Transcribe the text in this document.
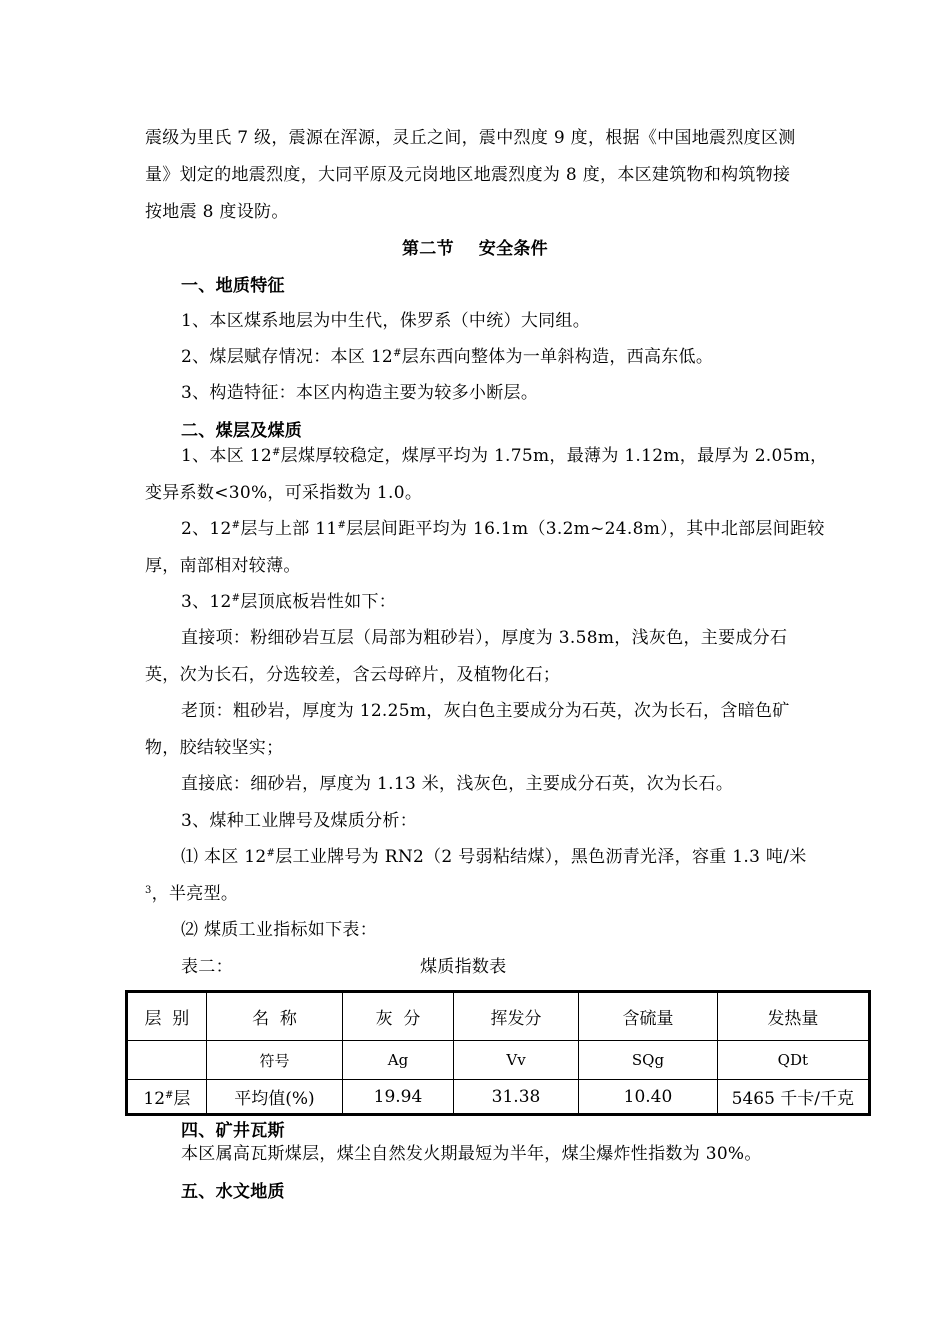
震级为里氏 7 级，震源在浑源，灵丘之间，震中烈度 9 度，根据《中国地震烈度区测
量》划定的地震烈度，大同平原及元岗地区地震烈度为 8 度，本区建筑物和构筑物接
按地震 8 度设防。
第二节    安全条件
一、地质特征
1、本区煤系地层为中生代，侏罗系（中统）大同组。
2、煤层赋存情况：本区 12#层东西向整体为一单斜构造，西高东低。
3、构造特征：本区内构造主要为较多小断层。
二、煤层及煤质
1、本区 12#层煤厚较稳定，煤厚平均为 1.75m，最薄为 1.12m，最厚为 2.05m，
变异系数<30%，可采指数为 1.0。
2、12#层与上部 11#层层间距平均为 16.1m（3.2m~24.8m），其中北部层间距较
厚，南部相对较薄。
3、12#层顶底板岩性如下：
直接项：粉细砂岩互层（局部为粗砂岩），厚度为 3.58m，浅灰色，主要成分石
英，次为长石，分选较差，含云母碎片，及植物化石；
老顶：粗砂岩，厚度为 12.25m，灰白色主要成分为石英，次为长石，含暗色矿
物，胶结较坚实；
直接底：细砂岩，厚度为 1.13 米，浅灰色，主要成分石英，次为长石。
3、煤种工业牌号及煤质分析：
⑴ 本区 12#层工业牌号为 RN2（2 号弱粘结煤），黑色沥青光泽，容重 1.3 吨/米
$^3$，半亮型。
⑵ 煤质工业指标如下表：
表二：	煤质指数表
层  别	名  称	灰  分	挥发分	含硫量	发热量
	符号	Ag	Vv	SQg	QDt
12#层	平均值(%)	19.94	31.38	10.40	5465 千卡/千克
四、矿井瓦斯
本区属高瓦斯煤层，煤尘自然发火期最短为半年，煤尘爆炸性指数为 30%。
五、水文地质
